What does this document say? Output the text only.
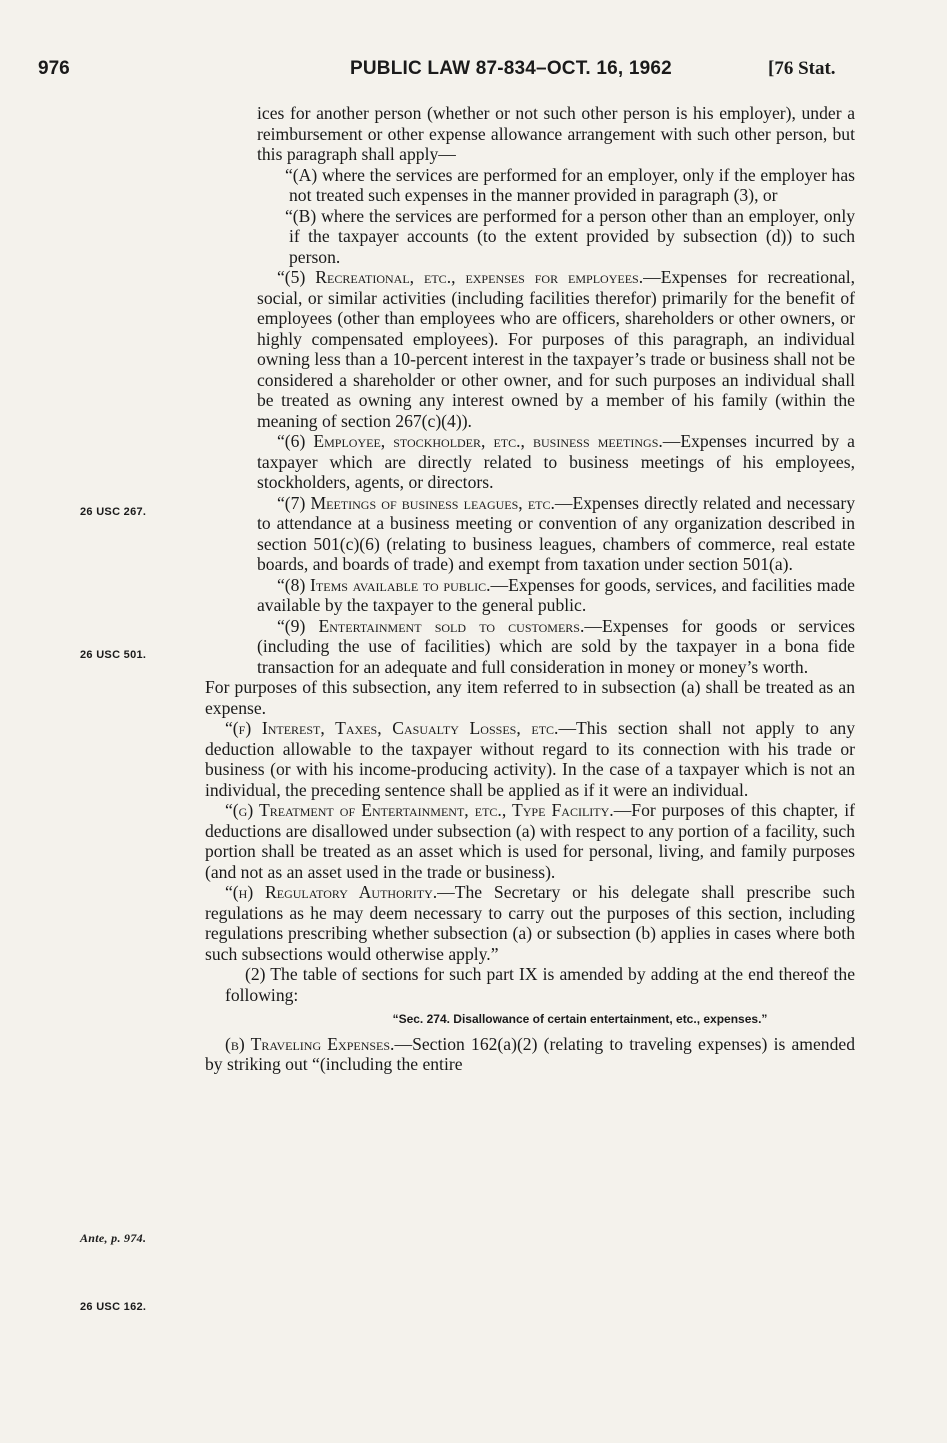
976	PUBLIC LAW 87-834–OCT. 16, 1962	[76 Stat.
26 USC 267.
26 USC 501.
Ante, p. 974.
26 USC 162.

ices for another person (whether or not such other person is his employer), under a reimbursement or other expense allowance arrangement with such other person, but this paragraph shall apply—

“(A) where the services are performed for an employer, only if the employer has not treated such expenses in the manner provided in paragraph (3), or

“(B) where the services are performed for a person other than an employer, only if the taxpayer accounts (to the extent provided by subsection (d)) to such person.

“(5) Recreational, etc., expenses for employees.—Expenses for recreational, social, or similar activities (including facilities therefor) primarily for the benefit of employees (other than employees who are officers, shareholders or other owners, or highly compensated employees). For purposes of this paragraph, an individual owning less than a 10-percent interest in the taxpayer’s trade or business shall not be considered a shareholder or other owner, and for such purposes an individual shall be treated as owning any interest owned by a member of his family (within the meaning of section 267(c)(4)).

“(6) Employee, stockholder, etc., business meetings.—Expenses incurred by a taxpayer which are directly related to business meetings of his employees, stockholders, agents, or directors.

“(7) Meetings of business leagues, etc.—Expenses directly related and necessary to attendance at a business meeting or convention of any organization described in section 501(c)(6) (relating to business leagues, chambers of commerce, real estate boards, and boards of trade) and exempt from taxation under section 501(a).

“(8) Items available to public.—Expenses for goods, services, and facilities made available by the taxpayer to the general public.

“(9) Entertainment sold to customers.—Expenses for goods or services (including the use of facilities) which are sold by the taxpayer in a bona fide transaction for an adequate and full consideration in money or money’s worth.

For purposes of this subsection, any item referred to in subsection (a) shall be treated as an expense.

“(f) Interest, Taxes, Casualty Losses, etc.—This section shall not apply to any deduction allowable to the taxpayer without regard to its connection with his trade or business (or with his income-producing activity). In the case of a taxpayer which is not an individual, the preceding sentence shall be applied as if it were an individual.

“(g) Treatment of Entertainment, etc., Type Facility.—For purposes of this chapter, if deductions are disallowed under subsection (a) with respect to any portion of a facility, such portion shall be treated as an asset which is used for personal, living, and family purposes (and not as an asset used in the trade or business).

“(h) Regulatory Authority.—The Secretary or his delegate shall prescribe such regulations as he may deem necessary to carry out the purposes of this section, including regulations prescribing whether subsection (a) or subsection (b) applies in cases where both such subsections would otherwise apply.”

(2) The table of sections for such part IX is amended by adding at the end thereof the following:

“Sec. 274. Disallowance of certain entertainment, etc., expenses.”

(b) Traveling Expenses.—Section 162(a)(2) (relating to traveling expenses) is amended by striking out “(including the entire
